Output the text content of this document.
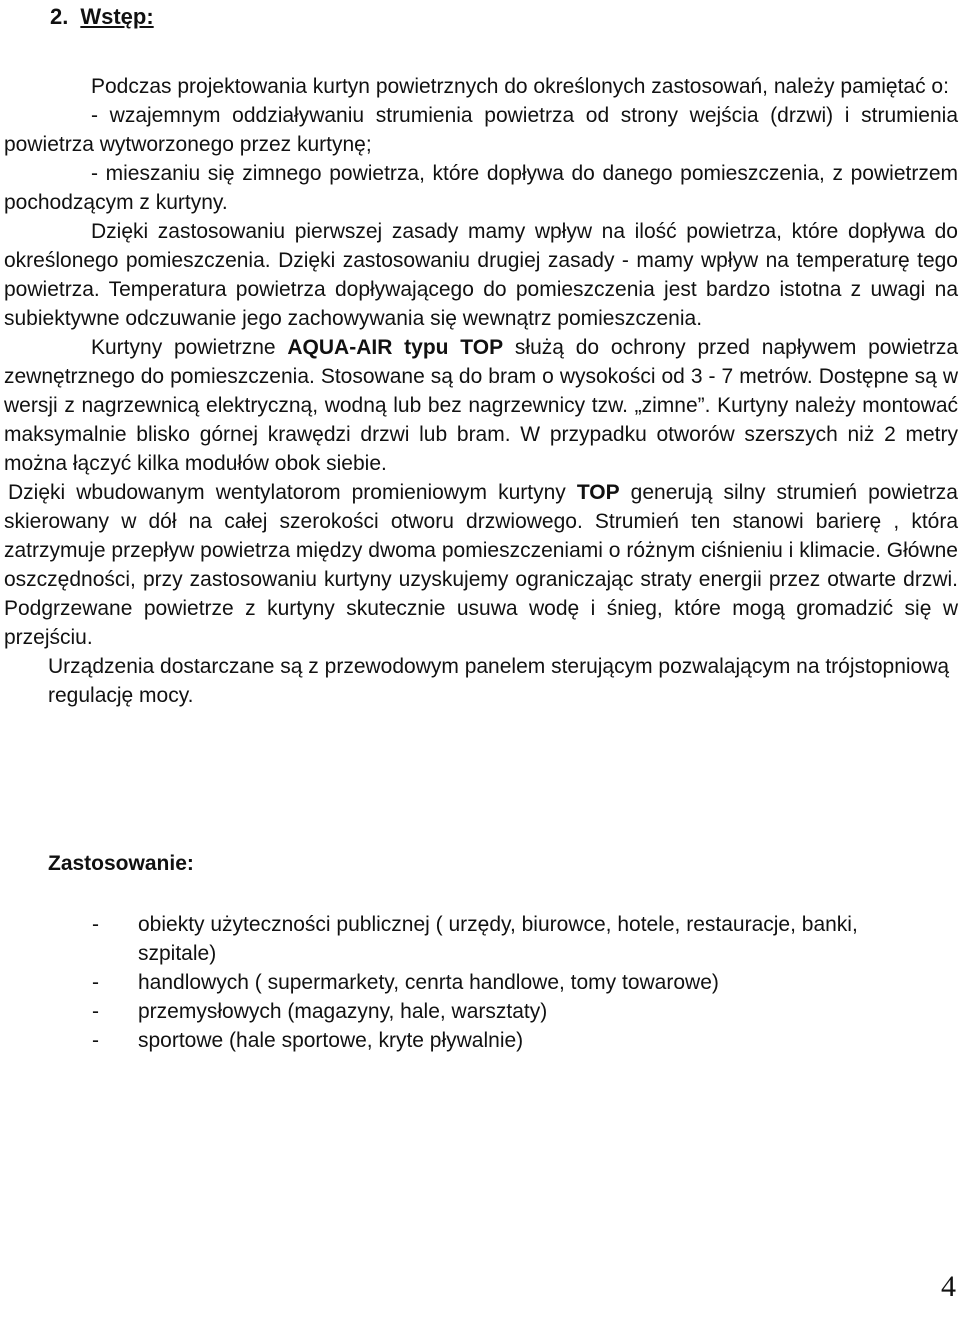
2. Wstęp:

Podczas projektowania kurtyn powietrznych do określonych zastosowań, należy pamiętać o:

- wzajemnym oddziaływaniu strumienia powietrza od strony wejścia (drzwi) i strumienia powietrza wytworzonego przez kurtynę;

- mieszaniu się zimnego powietrza, które dopływa do danego pomieszczenia, z powietrzem pochodzącym z kurtyny.

Dzięki zastosowaniu pierwszej zasady mamy wpływ na ilość powietrza, które dopływa do określonego pomieszczenia. Dzięki zastosowaniu drugiej zasady - mamy wpływ na temperaturę tego powietrza. Temperatura powietrza dopływającego do pomieszczenia jest bardzo istotna z uwagi na subiektywne odczuwanie jego zachowywania się wewnątrz pomieszczenia.

Kurtyny powietrzne AQUA-AIR typu TOP służą do ochrony przed napływem powietrza zewnętrznego do pomieszczenia. Stosowane są do bram o wysokości od 3 - 7 metrów. Dostępne są w wersji z nagrzewnicą elektryczną, wodną lub bez nagrzewnicy tzw. „zimne”. Kurtyny należy montować maksymalnie blisko górnej krawędzi drzwi lub bram. W przypadku otworów szerszych niż 2 metry można łączyć kilka modułów obok siebie.

Dzięki wbudowanym wentylatorom promieniowym kurtyny TOP generują silny strumień powietrza skierowany w dół na całej szerokości otworu drzwiowego. Strumień ten stanowi barierę , która zatrzymuje przepływ powietrza między dwoma pomieszczeniami o różnym ciśnieniu i klimacie. Główne oszczędności, przy zastosowaniu kurtyny uzyskujemy ograniczając straty energii przez otwarte drzwi. Podgrzewane powietrze z kurtyny skutecznie usuwa wodę i śnieg, które mogą gromadzić się w przejściu.

Urządzenia dostarczane są z przewodowym panelem sterującym pozwalającym na trójstopniową regulację mocy.

Zastosowanie:
-	obiekty użyteczności publicznej ( urzędy, biurowce, hotele, restauracje, banki, szpitale)
-	handlowych ( supermarkety, cenrta handlowe, tomy towarowe)
-	przemysłowych (magazyny, hale, warsztaty)
-	sportowe (hale sportowe, kryte pływalnie)
4
